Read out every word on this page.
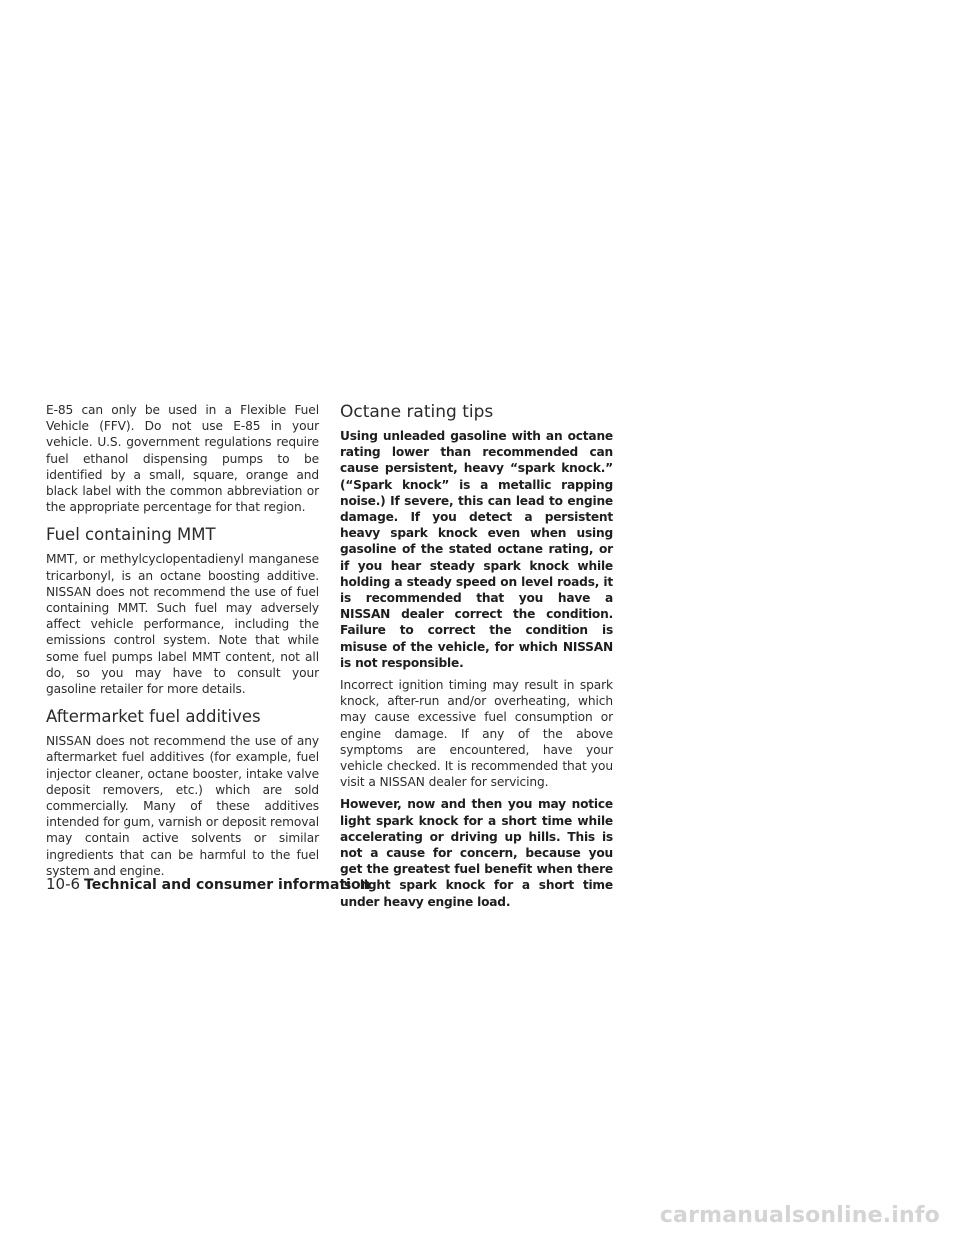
E-85 can only be used in a Flexible Fuel Vehicle (FFV). Do not use E-85 in your vehicle. U.S. government regulations require fuel ethanol dispensing pumps to be identified by a small, square, orange and black label with the common abbreviation or the appropriate percentage for that region.

Fuel containing MMT

MMT, or methylcyclopentadienyl manganese tricarbonyl, is an octane boosting additive. NISSAN does not recommend the use of fuel containing MMT. Such fuel may adversely affect vehicle performance, including the emissions control system. Note that while some fuel pumps label MMT content, not all do, so you may have to consult your gasoline retailer for more details.

Aftermarket fuel additives

NISSAN does not recommend the use of any aftermarket fuel additives (for example, fuel injector cleaner, octane booster, intake valve deposit removers, etc.) which are sold commercially. Many of these additives intended for gum, varnish or deposit removal may contain active solvents or similar ingredients that can be harmful to the fuel system and engine.

Octane rating tips

Using unleaded gasoline with an octane rating lower than recommended can cause persistent, heavy “spark knock.” (“Spark knock” is a metallic rapping noise.) If severe, this can lead to engine damage. If you detect a persistent heavy spark knock even when using gasoline of the stated octane rating, or if you hear steady spark knock while holding a steady speed on level roads, it is recommended that you have a NISSAN dealer correct the condition. Failure to correct the condition is misuse of the vehicle, for which NISSAN is not responsible.

Incorrect ignition timing may result in spark knock, after-run and/or overheating, which may cause excessive fuel consumption or engine damage. If any of the above symptoms are encountered, have your vehicle checked. It is recommended that you visit a NISSAN dealer for servicing.

However, now and then you may notice light spark knock for a short time while accelerating or driving up hills. This is not a cause for concern, because you get the greatest fuel benefit when there is light spark knock for a short time under heavy engine load.

10-6 Technical and consumer information
carmanualsonline.info
